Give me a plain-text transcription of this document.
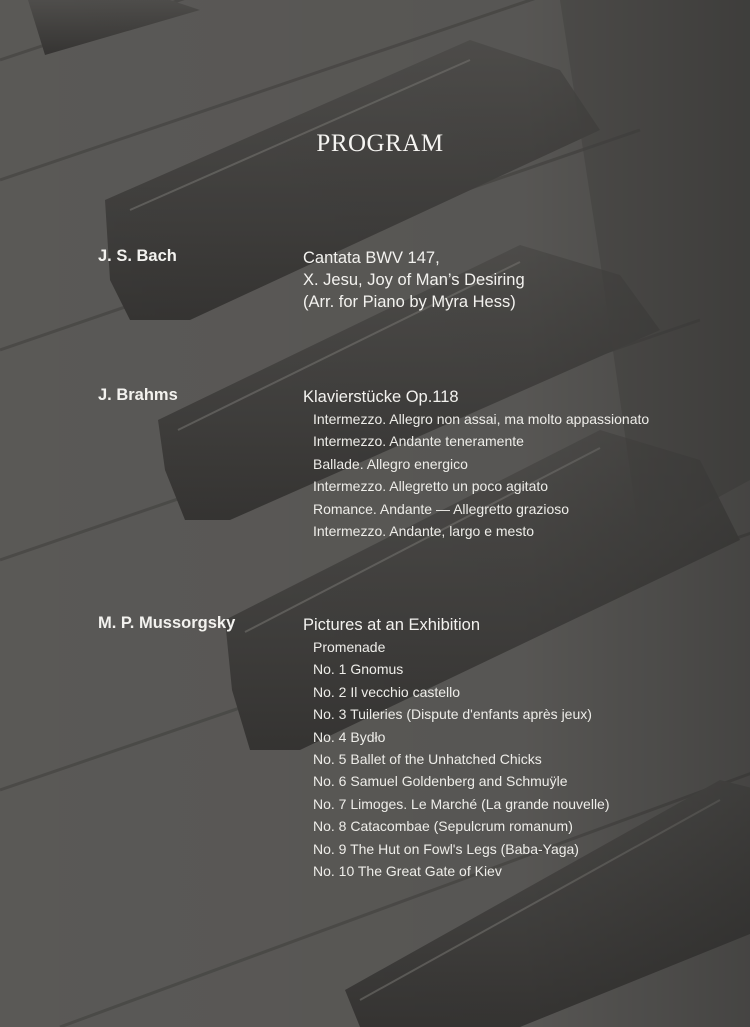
PROGRAM
J. S. Bach	Cantata BWV 147,
X. Jesu, Joy of Man’s Desiring
(Arr. for Piano by Myra Hess)
J. Brahms	Klavierstücke Op.118
Intermezzo. Allegro non assai, ma molto appassionato
Intermezzo. Andante teneramente
Ballade. Allegro energico
Intermezzo. Allegretto un poco agitato
Romance. Andante — Allegretto grazioso
Intermezzo. Andante, largo e mesto
M. P. Mussorgsky	Pictures at an Exhibition
Promenade
No. 1 Gnomus
No. 2 Il vecchio castello
No. 3 Tuileries (Dispute d'enfants après jeux)
No. 4 Bydło
No. 5 Ballet of the Unhatched Chicks
No. 6 Samuel Goldenberg and Schmuÿle
No. 7 Limoges. Le Marché (La grande nouvelle)
No. 8 Catacombae (Sepulcrum romanum)
No. 9 The Hut on Fowl's Legs (Baba-Yaga)
No. 10 The Great Gate of Kiev
